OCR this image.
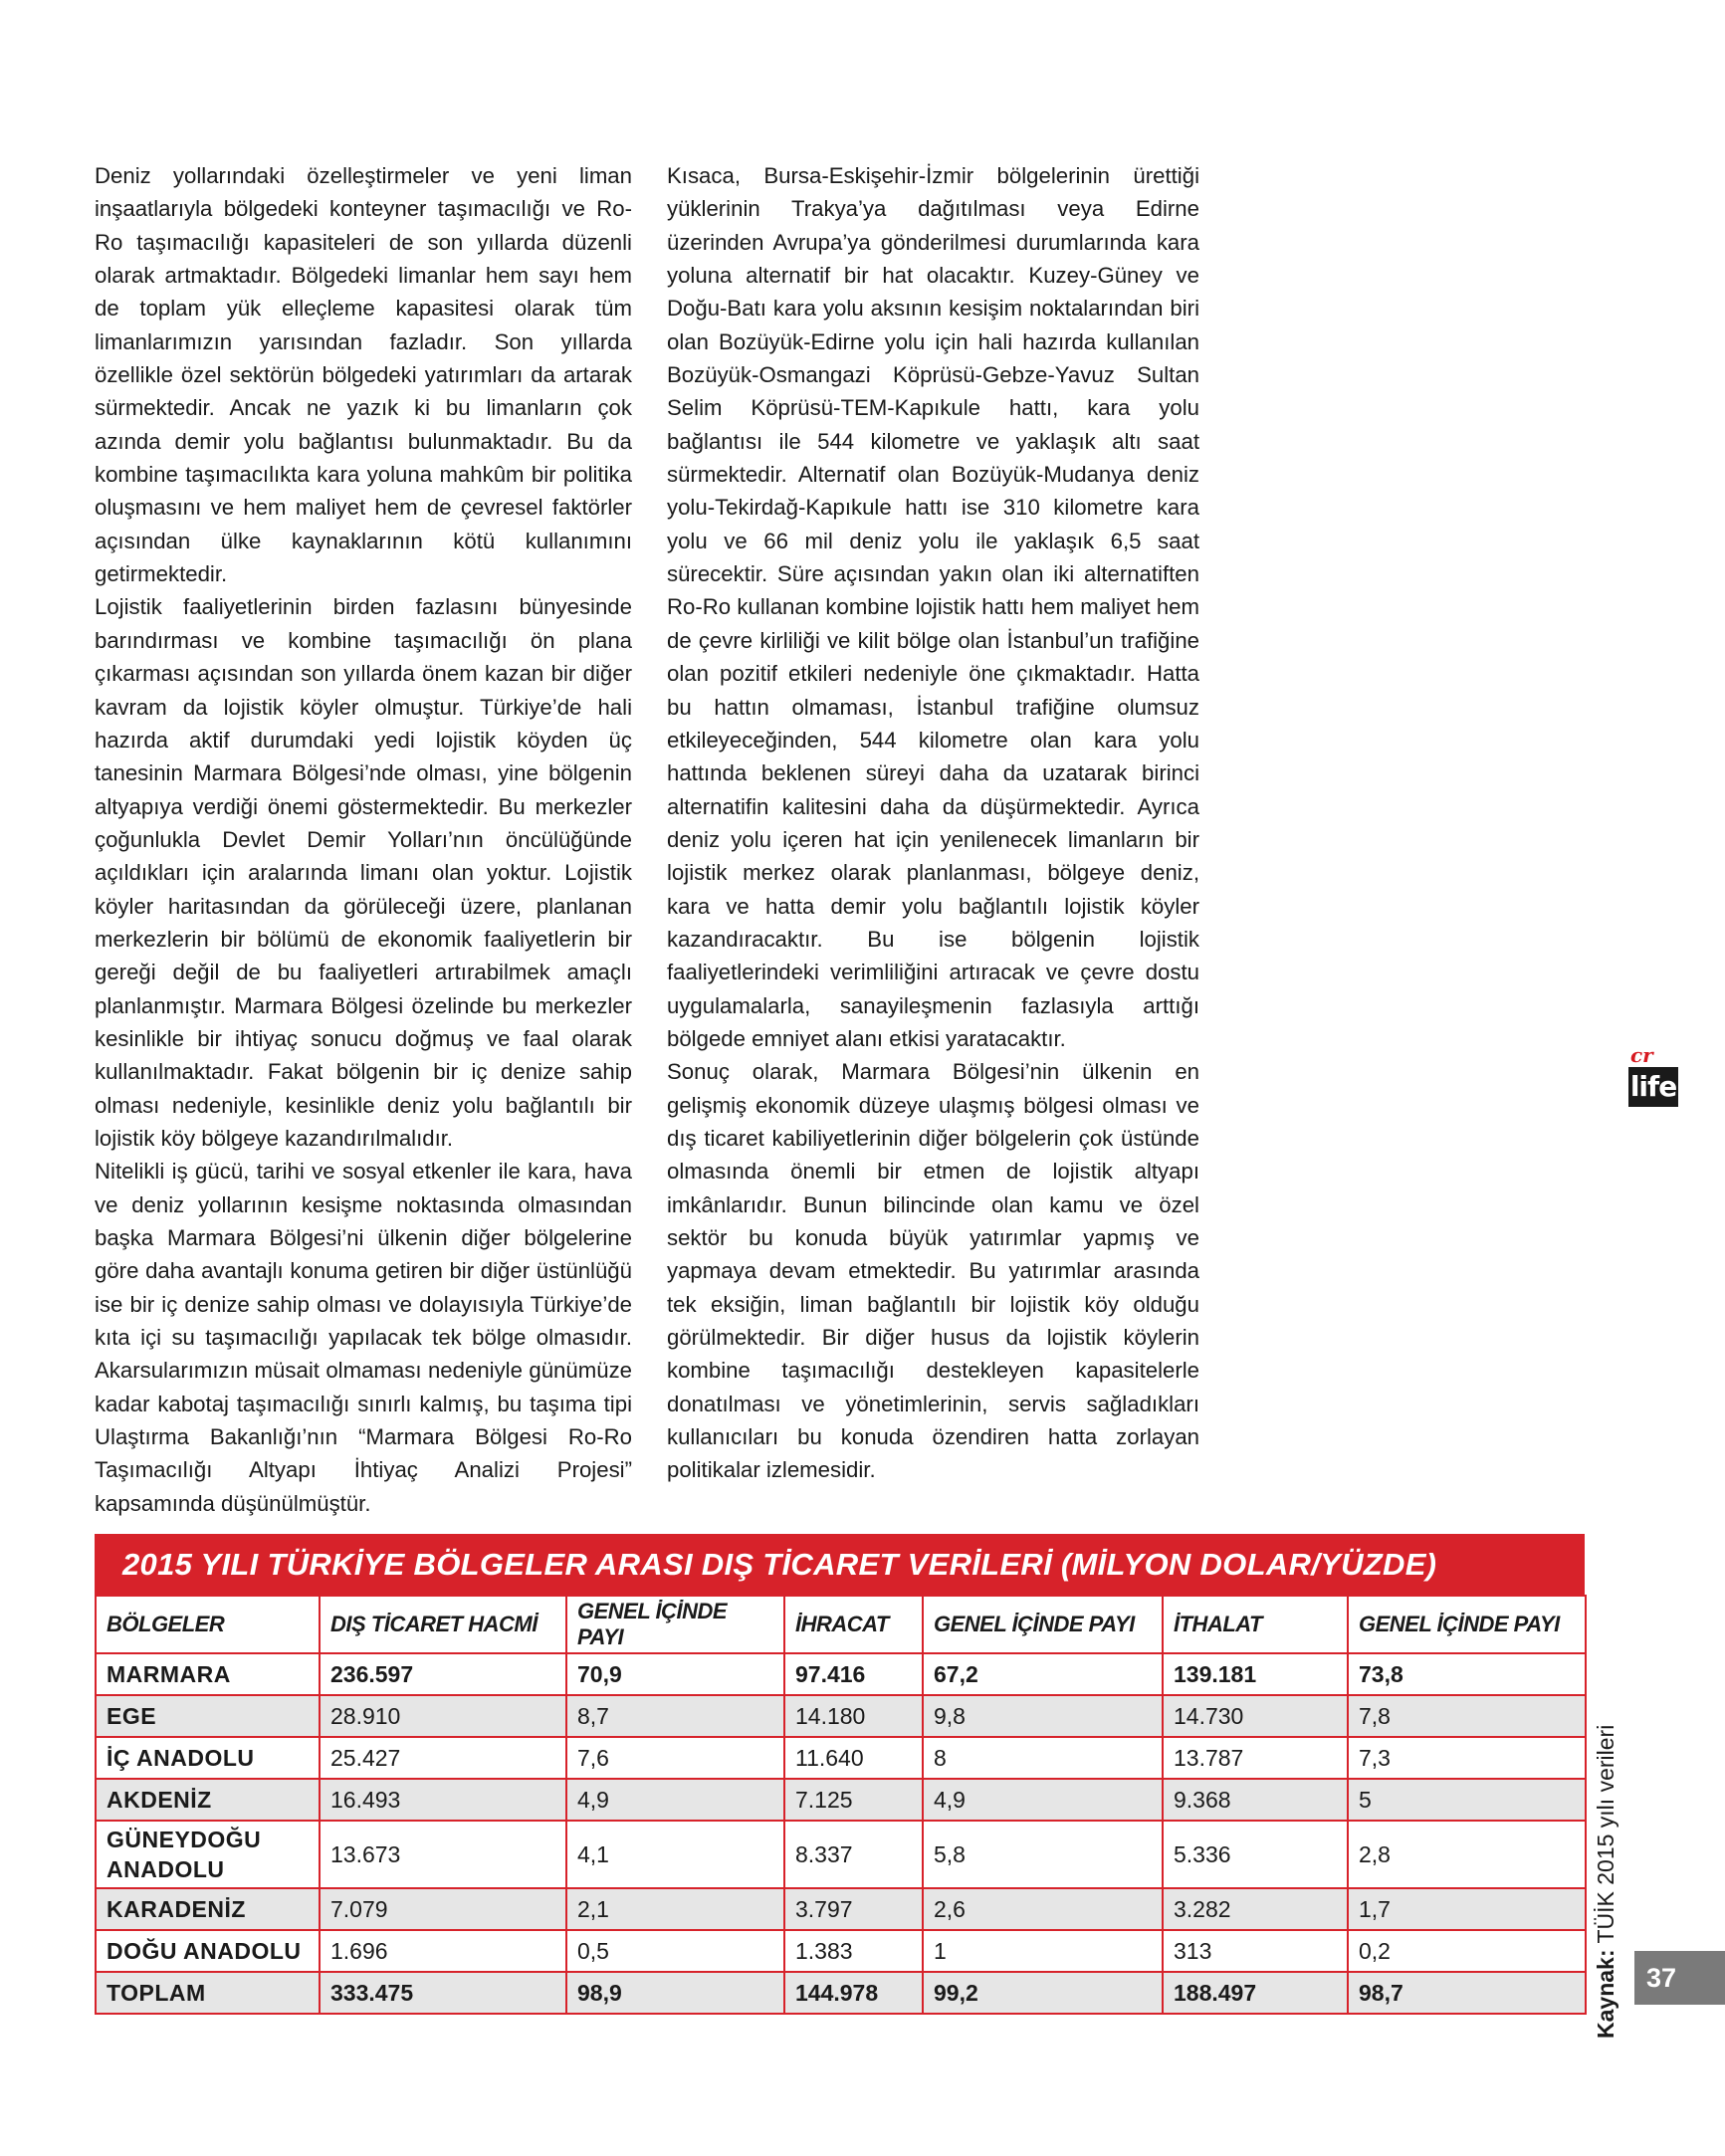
Deniz yollarındaki özelleştirmeler ve yeni liman inşaatlarıyla bölgedeki konteyner taşımacılığı ve Ro-Ro taşımacılığı kapasiteleri de son yıllarda düzenli olarak artmaktadır. Bölgedeki limanlar hem sayı hem de toplam yük elleçleme kapasitesi olarak tüm limanlarımızın yarısından fazladır. Son yıllarda özellikle özel sektörün bölgedeki yatırımları da artarak sürmektedir. Ancak ne yazık ki bu limanların çok azında demir yolu bağlantısı bulunmaktadır. Bu da kombine taşımacılıkta kara yoluna mahkûm bir politika oluşmasını ve hem maliyet hem de çevresel faktörler açısından ülke kaynaklarının kötü kullanımını getirmektedir.

Lojistik faaliyetlerinin birden fazlasını bünyesinde barındırması ve kombine taşımacılığı ön plana çıkarması açısından son yıllarda önem kazan bir diğer kavram da lojistik köyler olmuştur. Türkiye’de hali hazırda aktif durumdaki yedi lojistik köyden üç tanesinin Marmara Bölgesi’nde olması, yine bölgenin altyapıya verdiği önemi göstermektedir. Bu merkezler çoğunlukla Devlet Demir Yolları’nın öncülüğünde açıldıkları için aralarında limanı olan yoktur. Lojistik köyler haritasından da görüleceği üzere, planlanan merkezlerin bir bölümü de ekonomik faaliyetlerin bir gereği değil de bu faaliyetleri artırabilmek amaçlı planlanmıştır. Marmara Bölgesi özelinde bu merkezler kesinlikle bir ihtiyaç sonucu doğmuş ve faal olarak kullanılmaktadır. Fakat bölgenin bir iç denize sahip olması nedeniyle, kesinlikle deniz yolu bağlantılı bir lojistik köy bölgeye kazandırılmalıdır.

Nitelikli iş gücü, tarihi ve sosyal etkenler ile kara, hava ve deniz yollarının kesişme noktasında olmasından başka Marmara Bölgesi’ni ülkenin diğer bölgelerine göre daha avantajlı konuma getiren bir diğer üstünlüğü ise bir iç denize sahip olması ve dolayısıyla Türkiye’de kıta içi su taşımacılığı yapılacak tek bölge olmasıdır. Akarsularımızın müsait olmaması nedeniyle günümüze kadar kabotaj taşımacılığı sınırlı kalmış, bu taşıma tipi Ulaştırma Bakanlığı’nın “Marmara Bölgesi Ro-Ro Taşımacılığı Altyapı İhtiyaç Analizi Projesi” kapsamında düşünülmüştür.

Kısaca, Bursa-Eskişehir-İzmir bölgelerinin ürettiği yüklerinin Trakya’ya dağıtılması veya Edirne üzerinden Avrupa’ya gönderilmesi durumlarında kara yoluna alternatif bir hat olacaktır. Kuzey-Güney ve Doğu-Batı kara yolu aksının kesişim noktalarından biri olan Bozüyük-Edirne yolu için hali hazırda kullanılan Bozüyük-Osmangazi Köprüsü-Gebze-Yavuz Sultan Selim Köprüsü-TEM-Kapıkule hattı, kara yolu bağlantısı ile 544 kilometre ve yaklaşık altı saat sürmektedir. Alternatif olan Bozüyük-Mudanya deniz yolu-Tekirdağ-Kapıkule hattı ise 310 kilometre kara yolu ve 66 mil deniz yolu ile yaklaşık 6,5 saat sürecektir. Süre açısından yakın olan iki alternatiften Ro-Ro kullanan kombine lojistik hattı hem maliyet hem de çevre kirliliği ve kilit bölge olan İstanbul’un trafiğine olan pozitif etkileri nedeniyle öne çıkmaktadır. Hatta bu hattın olmaması, İstanbul trafiğine olumsuz etkileyeceğinden, 544 kilometre olan kara yolu hattında beklenen süreyi daha da uzatarak birinci alternatifin kalitesini daha da düşürmektedir. Ayrıca deniz yolu içeren hat için yenilenecek limanların bir lojistik merkez olarak planlanması, bölgeye deniz, kara ve hatta demir yolu bağlantılı lojistik köyler kazandıracaktır. Bu ise bölgenin lojistik faaliyetlerindeki verimliliğini artıracak ve çevre dostu uygulamalarla, sanayileşmenin fazlasıyla arttığı bölgede emniyet alanı etkisi yaratacaktır.

Sonuç olarak, Marmara Bölgesi’nin ülkenin en gelişmiş ekonomik düzeye ulaşmış bölgesi olması ve dış ticaret kabiliyetlerinin diğer bölgelerin çok üstünde olmasında önemli bir etmen de lojistik altyapı imkânlarıdır. Bunun bilincinde olan kamu ve özel sektör bu konuda büyük yatırımlar yapmış ve yapmaya devam etmektedir. Bu yatırımlar arasında tek eksiğin, liman bağlantılı bir lojistik köy olduğu görülmektedir. Bir diğer husus da lojistik köylerin kombine taşımacılığı destekleyen kapasitelerle donatılması ve yönetimlerinin, servis sağladıkları kullanıcıları bu konuda özendiren hatta zorlayan politikalar izlemesidir.

cr
life
2015 YILI TÜRKİYE BÖLGELER ARASI DIŞ TİCARET VERİLERİ (MİLYON DOLAR/YÜZDE)
BÖLGELER	DIŞ TİCARET HACMİ	GENEL İÇİNDE PAYI	İHRACAT	GENEL İÇİNDE PAYI	İTHALAT	GENEL İÇİNDE PAYI
MARMARA	236.597	70,9	97.416	67,2	139.181	73,8
EGE	28.910	8,7	14.180	9,8	14.730	7,8
İÇ ANADOLU	25.427	7,6	11.640	8	13.787	7,3
AKDENİZ	16.493	4,9	7.125	4,9	9.368	5
GÜNEYDOĞU ANADOLU	13.673	4,1	8.337	5,8	5.336	2,8
KARADENİZ	7.079	2,1	3.797	2,6	3.282	1,7
DOĞU ANADOLU	1.696	0,5	1.383	1	313	0,2
TOPLAM	333.475	98,9	144.978	99,2	188.497	98,7	Kaynak: TÜİK 2015 yılı verileri
37
